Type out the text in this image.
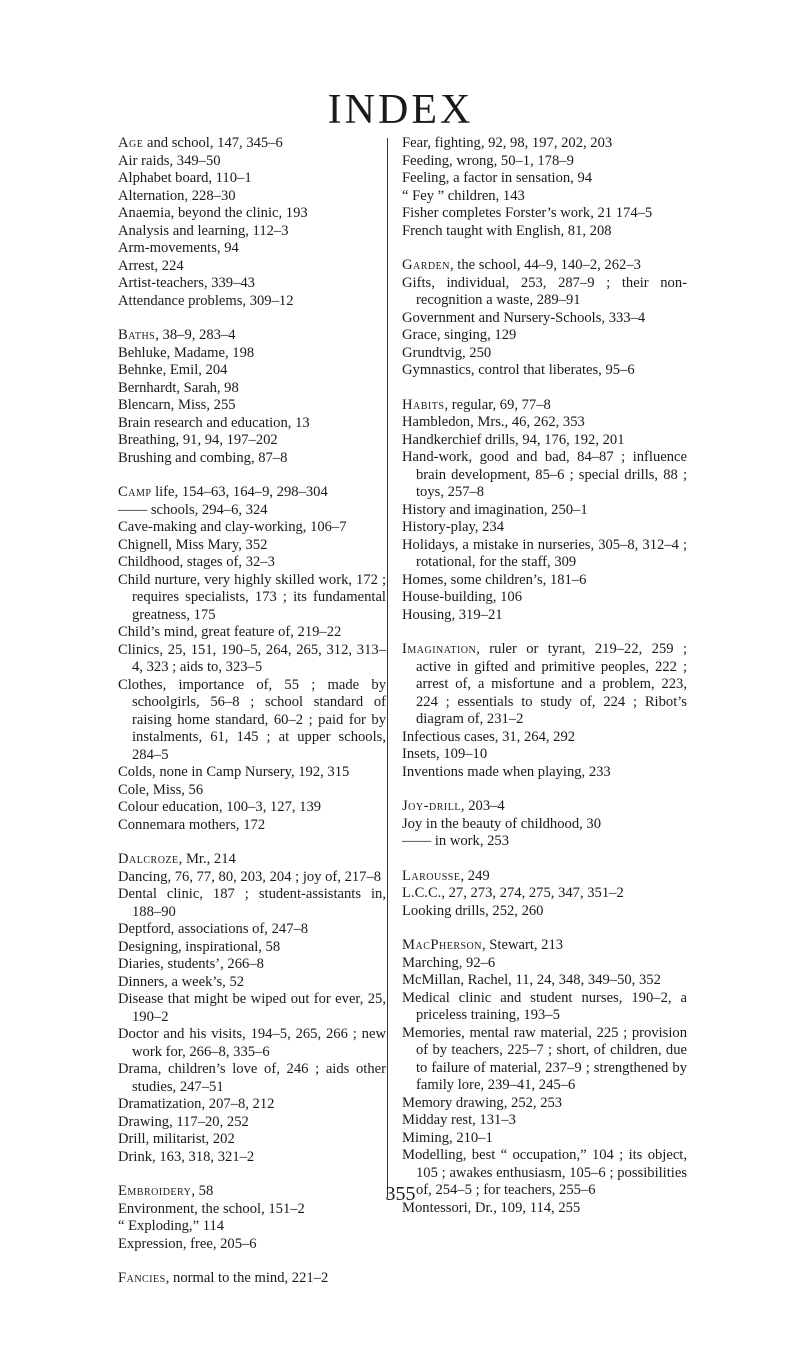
INDEX
Age and school, 147, 345–6
Air raids, 349–50
Alphabet board, 110–1
Alternation, 228–30
Anaemia, beyond the clinic, 193
Analysis and learning, 112–3
Arm-movements, 94
Arrest, 224
Artist-teachers, 339–43
Attendance problems, 309–12
Baths, 38–9, 283–4
Behluke, Madame, 198
Behnke, Emil, 204
Bernhardt, Sarah, 98
Blencarn, Miss, 255
Brain research and education, 13
Breathing, 91, 94, 197–202
Brushing and combing, 87–8
Camp life, 154–63, 164–9, 298–304
—— schools, 294–6, 324
Cave-making and clay-working, 106–7
Chignell, Miss Mary, 352
Childhood, stages of, 32–3
Child nurture, very highly skilled work, 172 ; requires specialists, 173 ; its fundamental greatness, 175
Child’s mind, great feature of, 219–22
Clinics, 25, 151, 190–5, 264, 265, 312, 313–4, 323 ; aids to, 323–5
Clothes, importance of, 55 ; made by schoolgirls, 56–8 ; school standard of raising home standard, 60–2 ; paid for by instalments, 61, 145 ; at upper schools, 284–5
Colds, none in Camp Nursery, 192, 315
Cole, Miss, 56
Colour education, 100–3, 127, 139
Connemara mothers, 172
Dalcroze, Mr., 214
Dancing, 76, 77, 80, 203, 204 ; joy of, 217–8
Dental clinic, 187 ; student-assistants in, 188–90
Deptford, associations of, 247–8
Designing, inspirational, 58
Diaries, students’, 266–8
Dinners, a week’s, 52
Disease that might be wiped out for ever, 25, 190–2
Doctor and his visits, 194–5, 265, 266 ; new work for, 266–8, 335–6
Drama, children’s love of, 246 ; aids other studies, 247–51
Dramatization, 207–8, 212
Drawing, 117–20, 252
Drill, militarist, 202
Drink, 163, 318, 321–2
Embroidery, 58
Environment, the school, 151–2
“ Exploding,” 114
Expression, free, 205–6
Fancies, normal to the mind, 221–2
Fear, fighting, 92, 98, 197, 202, 203
Feeding, wrong, 50–1, 178–9
Feeling, a factor in sensation, 94
“ Fey ” children, 143
Fisher completes Forster’s work, 21 174–5
French taught with English, 81, 208
Garden, the school, 44–9, 140–2, 262–3
Gifts, individual, 253, 287–9 ; their non-recognition a waste, 289–91
Government and Nursery-Schools, 333–4
Grace, singing, 129
Grundtvig, 250
Gymnastics, control that liberates, 95–6
Habits, regular, 69, 77–8
Hambledon, Mrs., 46, 262, 353
Handkerchief drills, 94, 176, 192, 201
Hand-work, good and bad, 84–87 ; influence brain development, 85–6 ; special drills, 88 ; toys, 257–8
History and imagination, 250–1
History-play, 234
Holidays, a mistake in nurseries, 305–8, 312–4 ; rotational, for the staff, 309
Homes, some children’s, 181–6
House-building, 106
Housing, 319–21
Imagination, ruler or tyrant, 219–22, 259 ; active in gifted and primitive peoples, 222 ; arrest of, a misfortune and a problem, 223, 224 ; essentials to study of, 224 ; Ribot’s diagram of, 231–2
Infectious cases, 31, 264, 292
Insets, 109–10
Inventions made when playing, 233
Joy-drill, 203–4
Joy in the beauty of childhood, 30
—— in work, 253
Larousse, 249
L.C.C., 27, 273, 274, 275, 347, 351–2
Looking drills, 252, 260
MacPherson, Stewart, 213
Marching, 92–6
McMillan, Rachel, 11, 24, 348, 349–50, 352
Medical clinic and student nurses, 190–2, a priceless training, 193–5
Memories, mental raw material, 225 ; provision of by teachers, 225–7 ; short, of children, due to failure of material, 237–9 ; strengthened by family lore, 239–41, 245–6
Memory drawing, 252, 253
Midday rest, 131–3
Miming, 210–1
Modelling, best “ occupation,” 104 ; its object, 105 ; awakes enthusiasm, 105–6 ; possibilities of, 254–5 ; for teachers, 255–6
Montessori, Dr., 109, 114, 255
355
